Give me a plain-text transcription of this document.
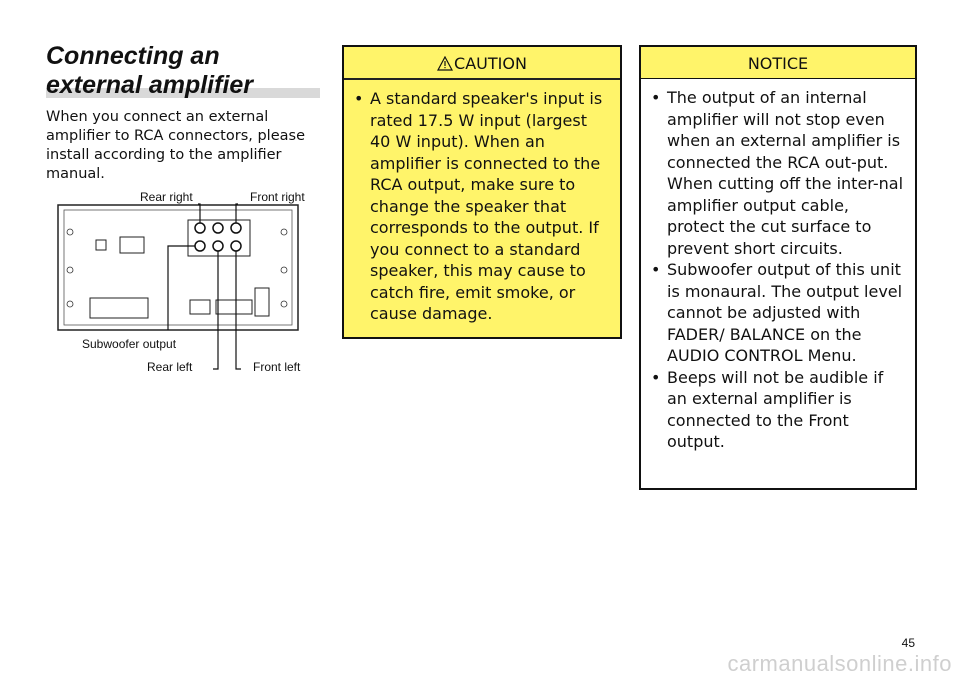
Connecting an
external amplifier

When you connect an external amplifier to RCA connectors, please install according to the amplifier manual.

Rear right	Front right
Subwoofer output
Rear left	Front left
CAUTION
• A standard speaker's input is rated 17.5 W input (largest 40 W input). When an amplifier is connected to the RCA output, make sure to change the speaker that corresponds to the output. If you connect to a standard speaker, this may cause to catch fire, emit smoke, or cause damage.
NOTICE
• The output of an internal amplifier will not stop even when an external amplifier is connected the RCA out-put. When cutting off the inter-nal amplifier output cable, protect the cut surface to prevent short circuits.
• Subwoofer output of this unit is monaural. The output level cannot be adjusted with FADER/ BALANCE on the AUDIO CONTROL Menu.
• Beeps will not be audible if an external amplifier is connected to the Front output.
45
carmanualsonline.info
